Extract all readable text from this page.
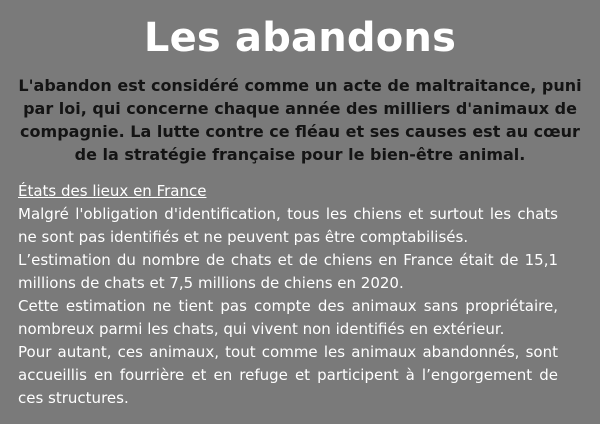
Les abandons

L'abandon est considéré comme un acte de maltraitance, puni par loi, qui concerne chaque année des milliers d'animaux de compagnie. La lutte contre ce fléau et ses causes est au cœur de la stratégie française pour le bien-être animal.

États des lieux en France

Malgré l'obligation d'identification, tous les chiens et surtout les chats ne sont pas identifiés et ne peuvent pas être comptabilisés.

L’estimation du nombre de chats et de chiens en France était de 15,1 millions de chats et 7,5 millions de chiens en 2020.

Cette estimation ne tient pas compte des animaux sans propriétaire, nombreux parmi les chats, qui vivent non identifiés en extérieur.

Pour autant, ces animaux, tout comme les animaux abandonnés, sont accueillis en fourrière et en refuge et participent à l’engorgement de ces structures.
